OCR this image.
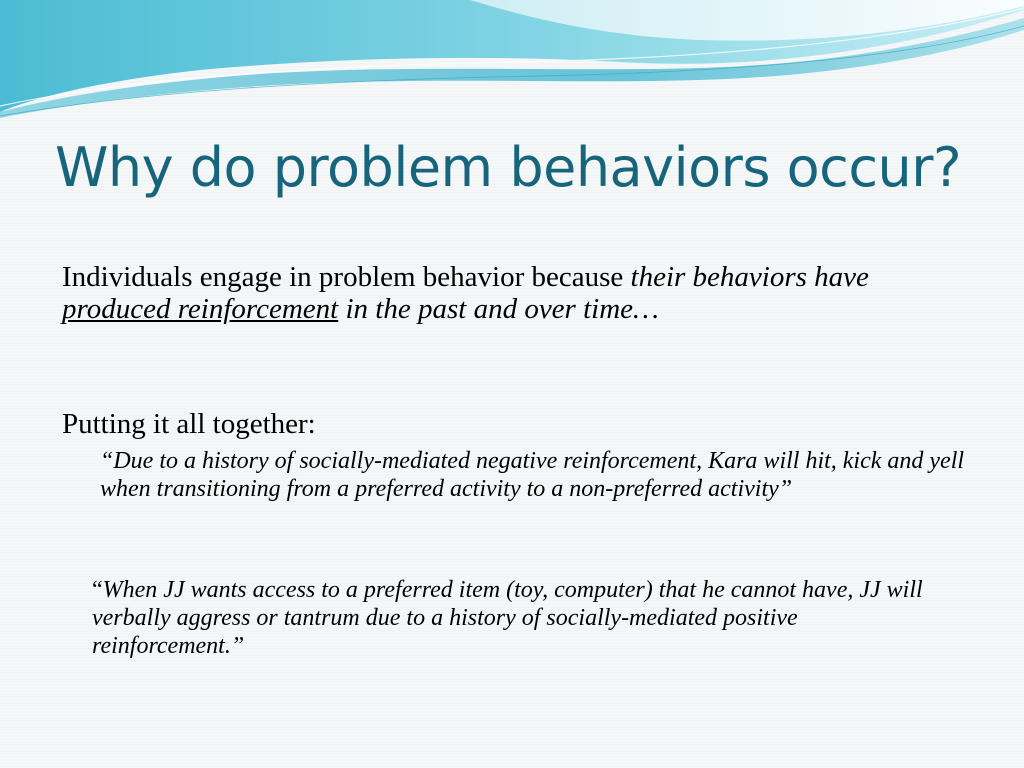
Why do problem behaviors occur?

Individuals engage in problem behavior because their behaviors have produced reinforcement in the past and over time…

Putting it all together:

“Due to a history of socially-mediated negative reinforcement, Kara will hit, kick and yell when transitioning from a preferred activity to a non-preferred activity”

“When JJ wants access to a preferred item (toy, computer) that he cannot have, JJ will verbally aggress or tantrum due to a history of socially-mediated positive reinforcement.”
